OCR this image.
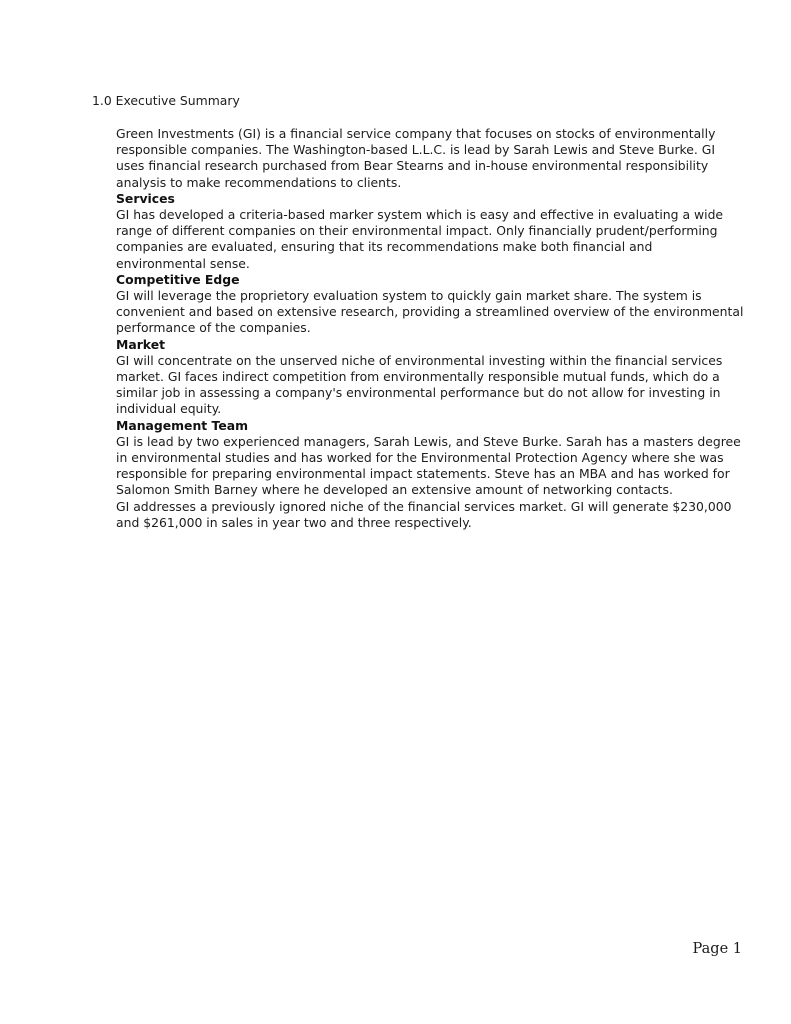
1.0 Executive Summary

Green Investments (GI) is a financial service company that focuses on stocks of environmentally responsible companies. The Washington-based L.L.C. is lead by Sarah Lewis and Steve Burke. GI uses financial research purchased from Bear Stearns and in-house environmental responsibility analysis to make recommendations to clients.

Services

GI has developed a criteria-based marker system which is easy and effective in evaluating a wide range of different companies on their environmental impact. Only financially prudent/performing companies are evaluated, ensuring that its recommendations make both financial and environmental sense.

Competitive Edge

GI will leverage the proprietory evaluation system to quickly gain market share. The system is convenient and based on extensive research, providing a streamlined overview of the environmental performance of the companies.

Market

GI will concentrate on the unserved niche of environmental investing within the financial services market. GI faces indirect competition from environmentally responsible mutual funds, which do a similar job in assessing a company's environmental performance but do not allow for investing in individual equity.

Management Team

GI is lead by two experienced managers, Sarah Lewis, and Steve Burke. Sarah has a masters degree in environmental studies and has worked for the Environmental Protection Agency where she was responsible for preparing environmental impact statements. Steve has an MBA and has worked for Salomon Smith Barney where he developed an extensive amount of networking contacts.

GI addresses a previously ignored niche of the financial services market. GI will generate $230,000 and $261,000 in sales in year two and three respectively.

Page 1
